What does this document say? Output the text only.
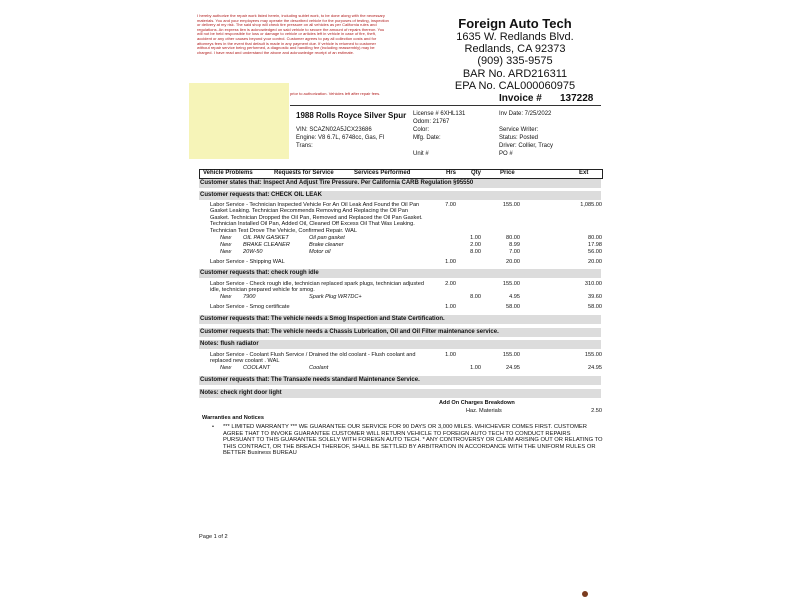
I hereby authorize the repair work listed herein, including sublet work, to be done along with the necessary materials. You and your employees may operate the described vehicle for the purposes of testing, inspection or delivery at my risk. The said shop will check tire pressure on all vehicles as per California rules and regulations. An express lien is acknowledged on said vehicle to secure the amount of repairs thereon. You will not be held responsible for loss or damage to vehicle or articles left in vehicle in case of fire, theft, accident or any other causes beyond your control. Customer agrees to pay all collection costs and for attorneys fees in the event that default is made in any payment due. If vehicle is returned to customer without repair service being performed, a diagnostic and handling fee (including reassembly) may be charged. I have read and understand the above and acknowledge receipt of an estimate.
prior to authorization. Vehicles left after repair fees.
Foreign Auto Tech
1635 W. Redlands Blvd.
Redlands, CA 92373
(909) 335-9575
BAR No. ARD216311
EPA No. CAL000060975
Invoice # 137228
1988 Rolls Royce Silver Spur
VIN: SCAZN02A5JCX23686
Engine: V8 6.7L, 6748cc, Gas, FI
Trans:
License # 6XHL131
Odom: 21767
Color:
Mfg. Date:
Unit #
Inv Date: 7/25/2022
Service Writer:
Status: Posted
Driver: Collier, Tracy
PO #
Vehicle Problems	Requests for Service	Services Performed	Hrs Qty	Price	Ext
Customer states that: Inspect And Adjust Tire Pressure. Per California CARB Regulation §95550
Customer requests that: CHECK OIL LEAK
Labor Service - Technician Inspected Vehicle For An Oil Leak And Found the Oil Pan Gasket Leaking. Technician Recommends Removing And Replacing the Oil Pan Gasket. Technician Dropped the Oil Pan, Removed and Replaced the Oil Pan Gasket. Technician Installed Oil Pan, Added Oil, Cleaned Off Excess Oil That Was Leaking. Technician Test Drove The Vehicle, Confirmed Repair. WAL
7.00	155.00	1,085.00
New OIL PAN GASKET	Oil pan gasket	1.00	80.00	80.00
New BRAKE CLEANER	Brake cleaner	2.00	8.99	17.98
New 20W-50	Motor oil	8.00	7.00	56.00
Labor Service - Shipping WAL	1.00	20.00	20.00
Customer requests that: check rough idle
Labor Service - Check rough idle, technician replaced spark plugs, technician adjusted idle, technician prepared vehicle for smog.
2.00	155.00	310.00
New 7900	Spark Plug WR7DC+	8.00	4.95	39.60
Labor Service - Smog certificate	1.00	58.00	58.00
Customer requests that: The vehicle needs a Smog Inspection and State Certification.
Customer requests that: The vehicle needs a Chassis Lubrication, Oil and Oil Filter maintenance service.
Notes: flush radiator
Labor Service - Coolant Flush Service / Drained the old coolant - Flush coolant and replaced new coolant . WAL
1.00	155.00	155.00
New COOLANT	Coolant	1.00	24.95	24.95
Customer requests that: The Transaxle needs standard Maintenance Service.
Notes: check right door light
Add On Charges Breakdown
Haz. Materials	2.50
Warranties and Notices
• *** LIMITED WARRANTY *** WE GUARANTEE OUR SERVICE FOR 90 DAYS OR 3,000 MILES. WHICHEVER COMES FIRST. CUSTOMER AGREE THAT TO INVOKE GUARANTEE CUSTOMER WILL RETURN VEHICLE TO FOREIGN AUTO TECH TO CONDUCT REPAIRS PURSUANT TO THIS GUARANTEE SOLELY WITH FOREIGN AUTO TECH. * ANY CONTROVERSY OR CLAIM ARISING OUT OR RELATING TO THIS CONTRACT, OR THE BREACH THEREOF, SHALL BE SETTLED BY ARBITRATION IN ACCORDANCE WITH THE UNIFORM RULES OR BETTER Business BUREAU
Page 1 of 2
